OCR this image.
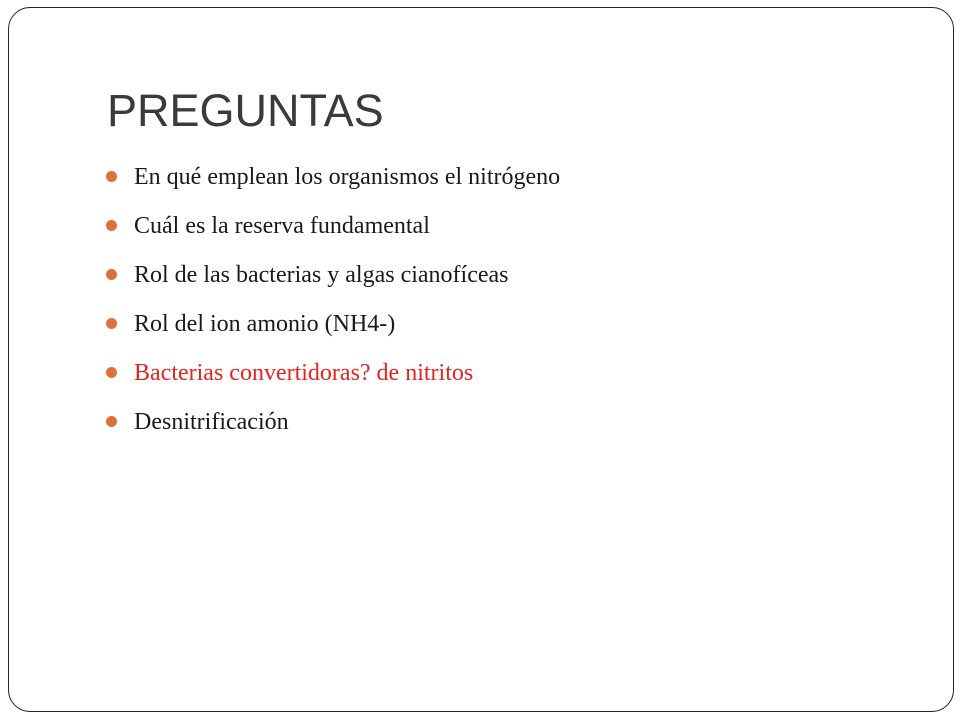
PREGUNTAS
En qué emplean los organismos el nitrógeno
Cuál es la reserva fundamental
Rol de las bacterias y algas cianofíceas
Rol del ion amonio (NH4-)
Bacterias convertidoras? de nitritos
Desnitrificación
